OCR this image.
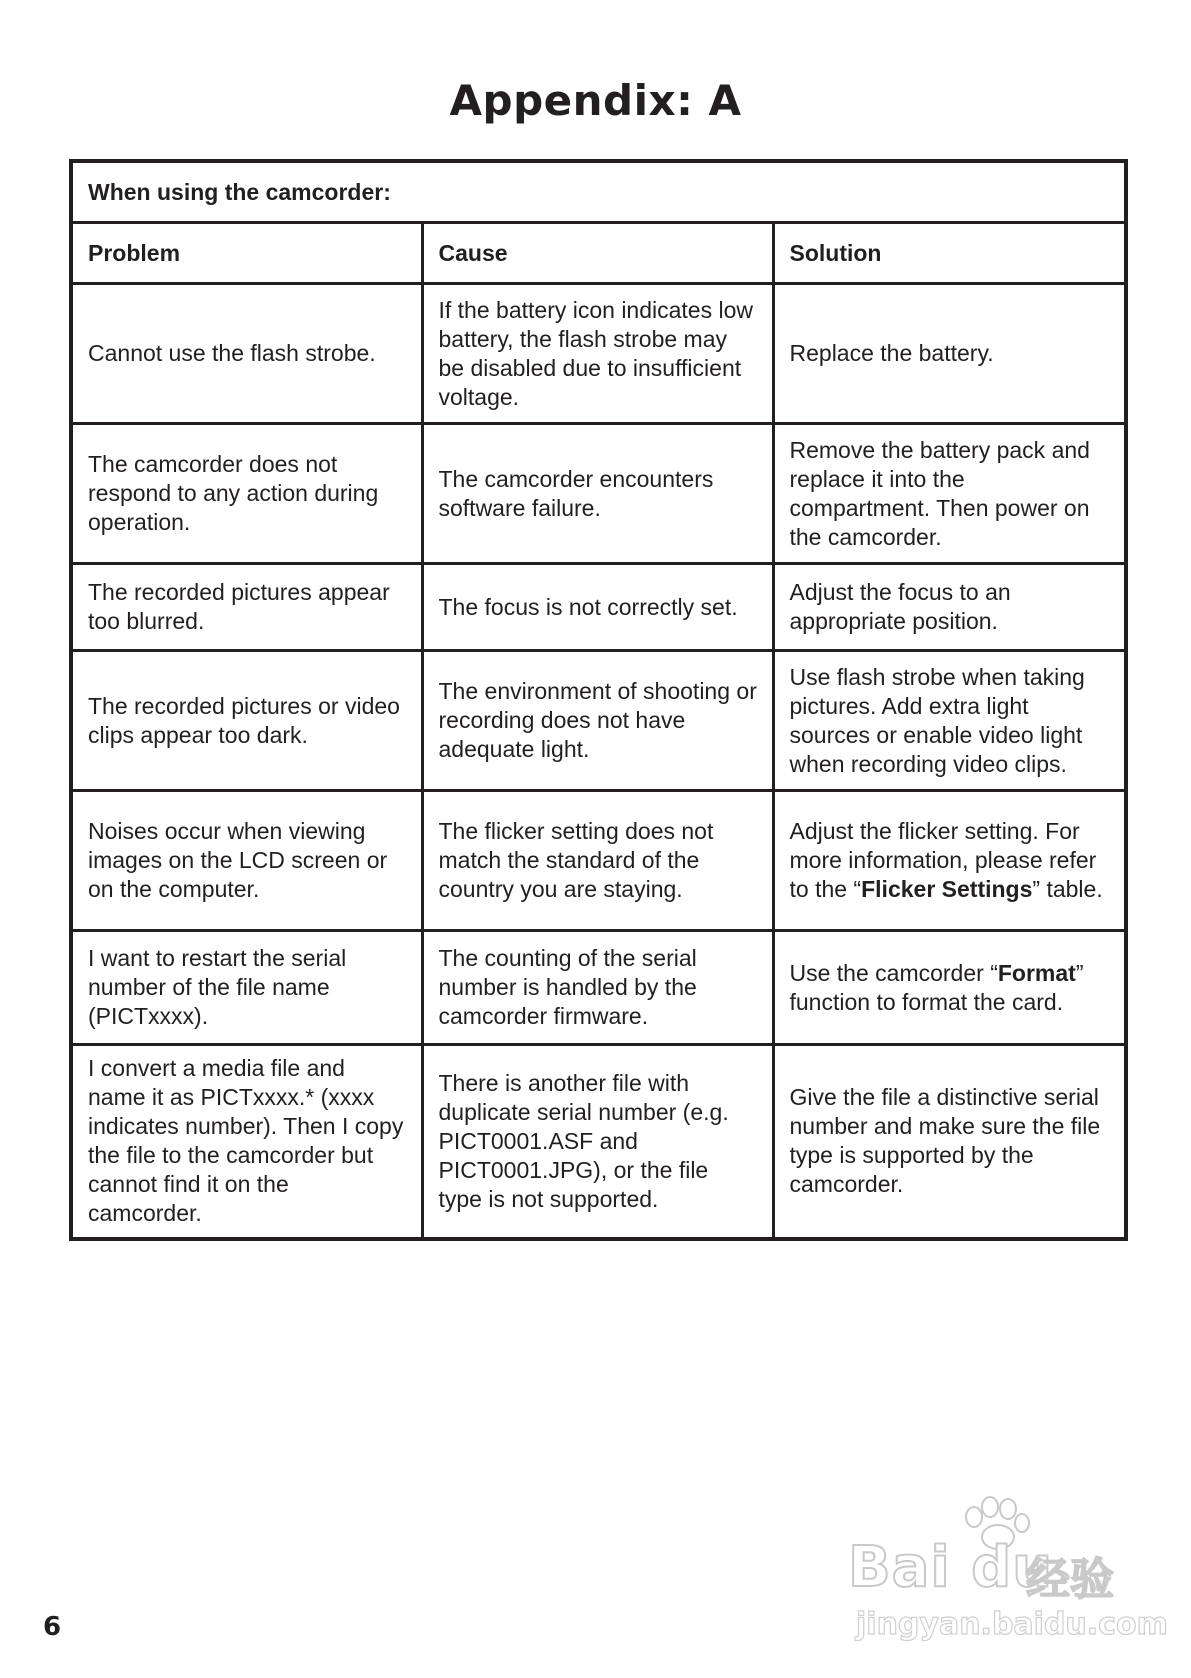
Appendix: A
When using the camcorder:		
Problem	Cause	Solution
Cannot use the flash strobe.	If the battery icon indicates low battery, the flash strobe may be disabled due to insufficient voltage.	Replace the battery.
The camcorder does not respond to any action during operation.	The camcorder encounters software failure.	Remove the battery pack and replace it into the compartment. Then power on the camcorder.
The recorded pictures appear too blurred.	The focus is not correctly set.	Adjust the focus to an appropriate position.
The recorded pictures or video clips appear too dark.	The environment of shooting or recording does not have adequate light.	Use flash strobe when taking pictures. Add extra light sources or enable video light when recording video clips.
Noises occur when viewing images on the LCD screen or on the computer.	The flicker setting does not match the standard of the country you are staying.	Adjust the flicker setting. For more information, please refer to the “Flicker Settings” table.
I want to restart the serial number of the file name (PICTxxxx).	The counting of the serial number is handled by the camcorder firmware.	Use the camcorder “Format” function to format the card.
I convert a media file and name it as PICTxxxx.* (xxxx indicates number). Then I copy the file to the camcorder but cannot find it on the camcorder.	There is another file with duplicate serial number (e.g. PICT0001.ASF and PICT0001.JPG), or the file type is not supported.	Give the file a distinctive serial number and make sure the file type is supported by the camcorder.
Bai du
经验
jingyan.baidu.com
6
